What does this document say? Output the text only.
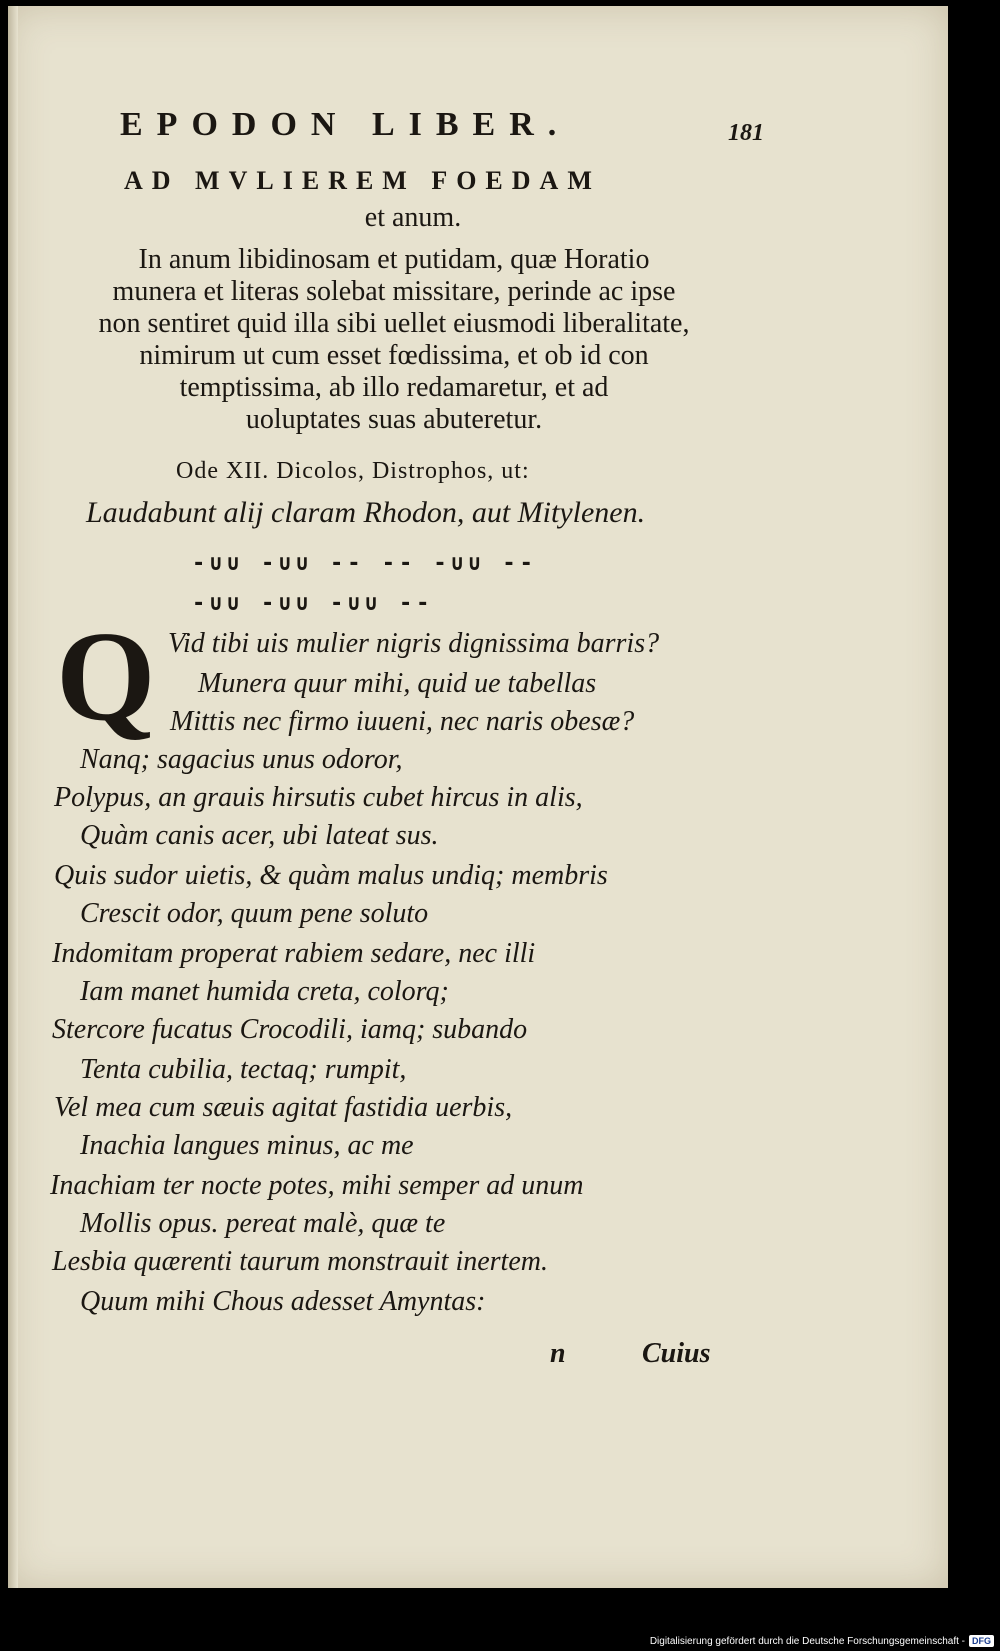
EPODON LIBER.	181
AD MVLIEREM FOEDAM
et anum.
In anum libidinosam et putidam, quæ Horatio
munera et literas solebat missitare, perinde ac ipse
non sentiret quid illa sibi uellet eiusmodi liberalitate,
nimirum ut cum esset fœdissima, et ob id con
temptissima, ab illo redamaretur, et ad
uoluptates suas abuteretur.
Ode XII. Dicolos, Distrophos, ut:
Laudabunt alij claram Rhodon, aut Mitylenen.
-∪∪ -∪∪ -- -- -∪∪ --
-∪∪ -∪∪ -∪∪ --
Q Vid tibi uis mulier nigris dignissima barris?
Munera quur mihi, quid ue tabellas
Mittis nec firmo iuueni, nec naris obesæ?
Nanq; sagacius unus odoror,
Polypus, an grauis hirsutis cubet hircus in alis,
Quàm canis acer, ubi lateat sus.
Quis sudor uietis, & quàm malus undiq; membris
Crescit odor, quum pene soluto
Indomitam properat rabiem sedare, nec illi
Iam manet humida creta, colorq;
Stercore fucatus Crocodili, iamq; subando
Tenta cubilia, tectaq; rumpit,
Vel mea cum sæuis agitat fastidia uerbis,
Inachia langues minus, ac me
Inachiam ter nocte potes, mihi semper ad unum
Mollis opus. pereat malè, quæ te
Lesbia quærenti taurum monstrauit inertem.
Quum mihi Chous adesset Amyntas:
n	Cuius
Digitalisierung gefördert durch die Deutsche Forschungsgemeinschaft - DFG
